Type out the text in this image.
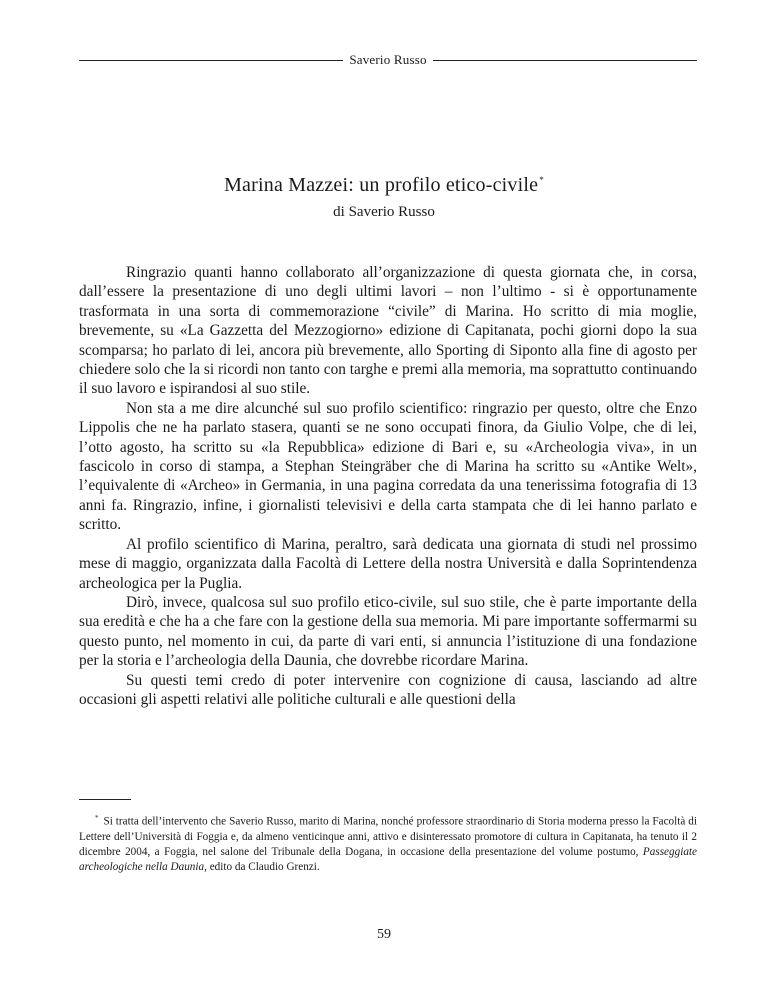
Saverio Russo
Marina Mazzei: un profilo etico-civile*
di Saverio Russo

Ringrazio quanti hanno collaborato all’organizzazione di questa giornata che, in corsa, dall’essere la presentazione di uno degli ultimi lavori – non l’ultimo - si è opportunamente trasformata in una sorta di commemorazione “civile” di Marina. Ho scritto di mia moglie, brevemente, su «La Gazzetta del Mezzogiorno» edizione di Capitanata, pochi giorni dopo la sua scomparsa; ho parlato di lei, ancora più brevemente, allo Sporting di Siponto alla fine di agosto per chiedere solo che la si ricordi non tanto con targhe e premi alla memoria, ma soprattutto continuando il suo lavoro e ispirandosi al suo stile.

Non sta a me dire alcunché sul suo profilo scientifico: ringrazio per questo, oltre che Enzo Lippolis che ne ha parlato stasera, quanti se ne sono occupati finora, da Giulio Volpe, che di lei, l’otto agosto, ha scritto su «la Repubblica» edizione di Bari e, su «Archeologia viva», in un fascicolo in corso di stampa, a Stephan Steingräber che di Marina ha scritto su «Antike Welt», l’equivalente di «Archeo» in Germania, in una pagina corredata da una tenerissima fotografia di 13 anni fa. Ringrazio, infine, i giornalisti televisivi e della carta stampata che di lei hanno parlato e scritto.

Al profilo scientifico di Marina, peraltro, sarà dedicata una giornata di studi nel prossimo mese di maggio, organizzata dalla Facoltà di Lettere della nostra Università e dalla Soprintendenza archeologica per la Puglia.

Dirò, invece, qualcosa sul suo profilo etico-civile, sul suo stile, che è parte importante della sua eredità e che ha a che fare con la gestione della sua memoria. Mi pare importante soffermarmi su questo punto, nel momento in cui, da parte di vari enti, si annuncia l’istituzione di una fondazione per la storia e l’archeologia della Daunia, che dovrebbe ricordare Marina.

Su questi temi credo di poter intervenire con cognizione di causa, lasciando ad altre occasioni gli aspetti relativi alle politiche culturali e alle questioni della

* Si tratta dell’intervento che Saverio Russo, marito di Marina, nonché professore straordinario di Storia moderna presso la Facoltà di Lettere dell’Università di Foggia e, da almeno venticinque anni, attivo e disinteressato promotore di cultura in Capitanata, ha tenuto il 2 dicembre 2004, a Foggia, nel salone del Tribunale della Dogana, in occasione della presentazione del volume postumo, Passeggiate archeologiche nella Daunia, edito da Claudio Grenzi.
59
